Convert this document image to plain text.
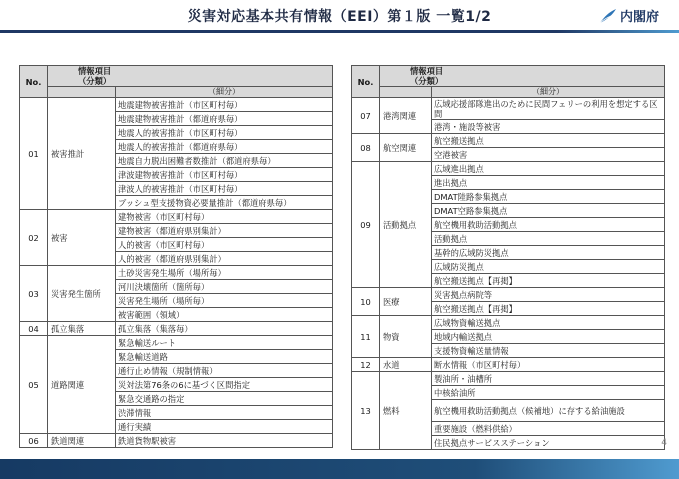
災害対応基本共有情報（EEI）第１版 一覧1/2	内閣府
No.	情報項目
（分類）	
		（細分）
01	被害推計	地震建物被害推計（市区町村毎）
		地震建物被害推計（都道府県毎）
		地震人的被害推計（市区町村毎）
		地震人的被害推計（都道府県毎）
		地震自力脱出困難者数推計（都道府県毎）
		津波建物被害推計（市区町村毎）
		津波人的被害推計（市区町村毎）
		ブッシュ型支援物資必要量推計（都道府県毎）
02	被害	建物被害（市区町村毎）
		建物被害（都道府県別集計）
		人的被害（市区町村毎）
		人的被害（都道府県別集計）
03	災害発生箇所	土砂災害発生場所（場所毎）
		河川決壊箇所（箇所毎）
		災害発生場所（場所毎）
		被害範囲（領域）
04	孤立集落	孤立集落（集落毎）
05	道路関連	緊急輸送ルート
		緊急輸送道路
		通行止め情報（規制情報）
		災対法第76条の6に基づく区間指定
		緊急交通路の指定
		渋滞情報
		通行実績
06	鉄道関連	鉄道貨物駅被害
No.	情報項目
（分類）	
		（細分）
07	港湾関連	広域応援部隊進出のために民間フェリーの利用を想定する区間
		港湾・施設等被害
08	航空関連	航空搬送拠点
		空港被害
09	活動拠点	広域進出拠点
		進出拠点
		DMAT陸路参集拠点
		DMAT空路参集拠点
		航空機用救助活動拠点
		活動拠点
		基幹的広域防災拠点
		広域防災拠点
		航空搬送拠点【再掲】
10	医療	災害拠点病院等
		航空搬送拠点【再掲】
11	物資	広域物資輸送拠点
		地域内輸送拠点
		支援物資輸送量情報
12	水道	断水情報（市区町村毎）
13	燃料	製油所・油槽所
		中核給油所
		航空機用救助活動拠点（候補地）に存する給油施設
		重要施設（燃料供給）
		住民拠点サービスステーション	4
